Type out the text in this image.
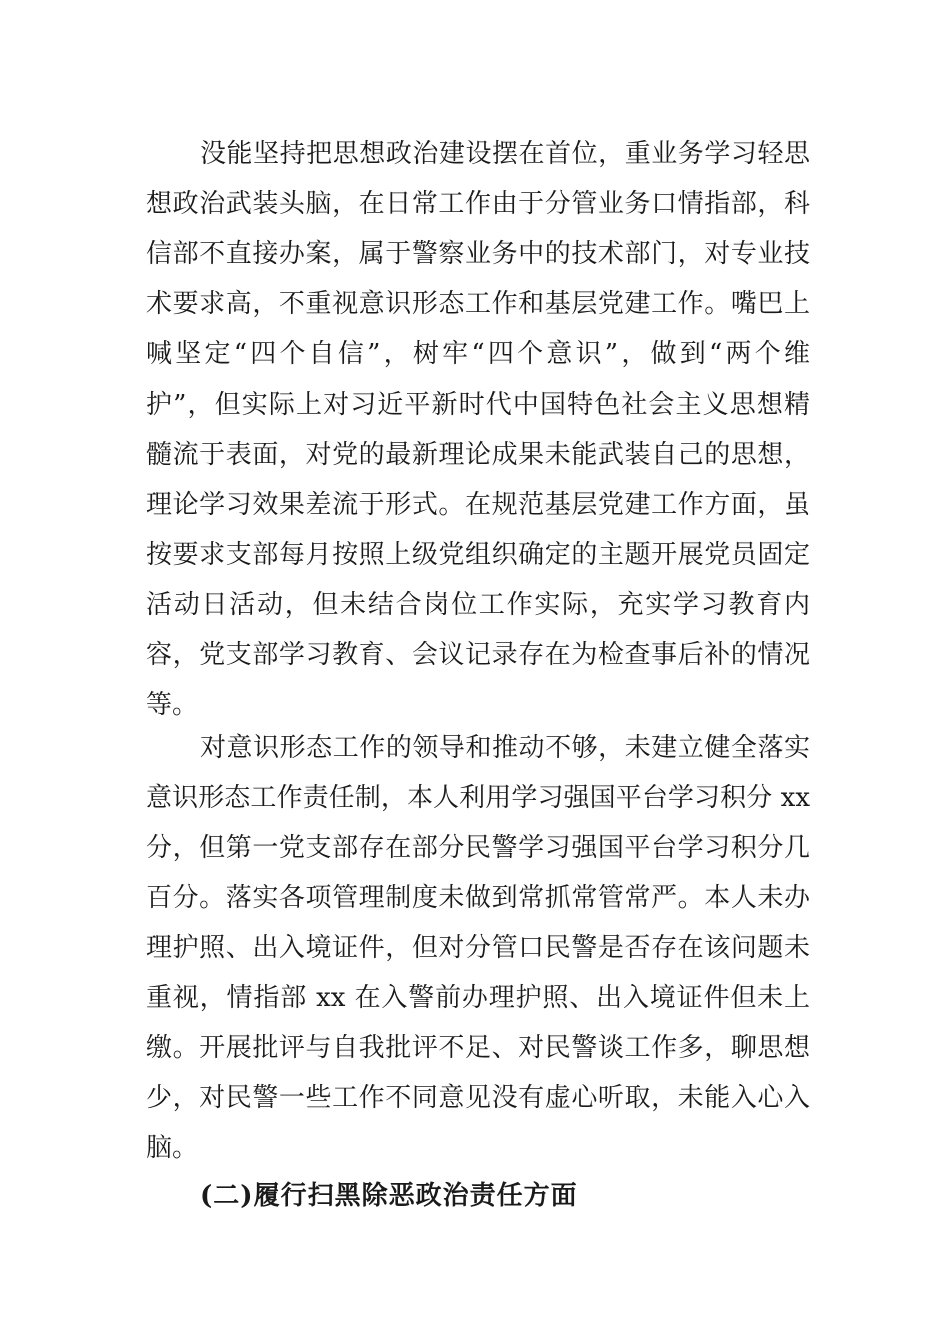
没能坚持把思想政治建设摆在首位，重业务学习轻思
想政治武装头脑，在日常工作由于分管业务口情指部，科
信部不直接办案，属于警察业务中的技术部门，对专业技
术要求高，不重视意识形态工作和基层党建工作。嘴巴上
喊坚定“四个自信”，树牢“四个意识”，做到“两个维
护”，但实际上对习近平新时代中国特色社会主义思想精
髓流于表面，对党的最新理论成果未能武装自己的思想，
理论学习效果差流于形式。在规范基层党建工作方面，虽
按要求支部每月按照上级党组织确定的主题开展党员固定
活动日活动，但未结合岗位工作实际，充实学习教育内
容，党支部学习教育、会议记录存在为检查事后补的情况
等。
对意识形态工作的领导和推动不够，未建立健全落实
意识形态工作责任制，本人利用学习强国平台学习积分 xx
分，但第一党支部存在部分民警学习强国平台学习积分几
百分。落实各项管理制度未做到常抓常管常严。本人未办
理护照、出入境证件，但对分管口民警是否存在该问题未
重视，情指部 xx 在入警前办理护照、出入境证件但未上
缴。开展批评与自我批评不足、对民警谈工作多，聊思想
少，对民警一些工作不同意见没有虚心听取，未能入心入
脑。
(二)履行扫黑除恶政治责任方面
